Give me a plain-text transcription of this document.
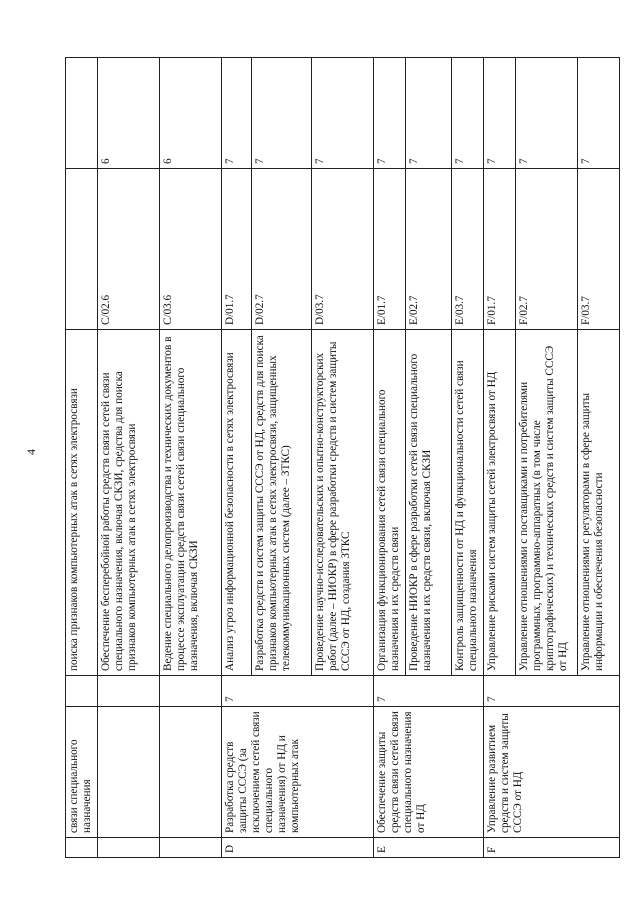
4
	связи специального назначения		поиска признаков компьютерных атак в сетях электросвязи		
			Обеспечение бесперебойной работы средств связи сетей связи специального назначения, включая СКЗИ, средства для поиска признаков компьютерных атак в сетях электросвязи	C/02.6	6
			Ведение специального делопроизводства и технических документов в процессе эксплуатации средств связи сетей связи специального назначения, включая СКЗИ	C/03.6	6
D	Разработка средств защиты СССЭ (за исключением сетей связи специального назначения) от НД и компьютерных атак	7	Анализ угроз информационной безопасности в сетях электросвязи	D/01.7	7
			Разработка средств и систем защиты СССЭ от НД, средств для поиска признаков компьютерных атак в сетях электросвязи, защищенных телекоммуникационных систем (далее – ЗТКС)	D/02.7	7
			Проведение научно-исследовательских и опытно-конструкторских работ (далее – НИОКР) в сфере разработки средств и систем защиты СССЭ от НД, создания ЗТКС	D/03.7	7
E	Обеспечение защиты средств связи сетей связи специального назначения от НД	7	Организация функционирования сетей связи специального назначения и их средств связи	E/01.7	7
			Проведение НИОКР в сфере разработки сетей связи специального назначения и их средств связи, включая СКЗИ	E/02.7	7
			Контроль защищенности от НД и функциональности сетей связи специального назначения	E/03.7	7
F	Управление развитием средств и систем защиты СССЭ от НД	7	Управление рисками систем защиты сетей электросвязи от НД	F/01.7	7
			Управление отношениями с поставщиками и потребителями программных, программно-аппаратных (в том числе криптографических) и технических средств и систем защиты СССЭ от НД	F/02.7	7
			Управление отношениями с регуляторами в сфере защиты информации и обеспечения безопасности	F/03.7	7
